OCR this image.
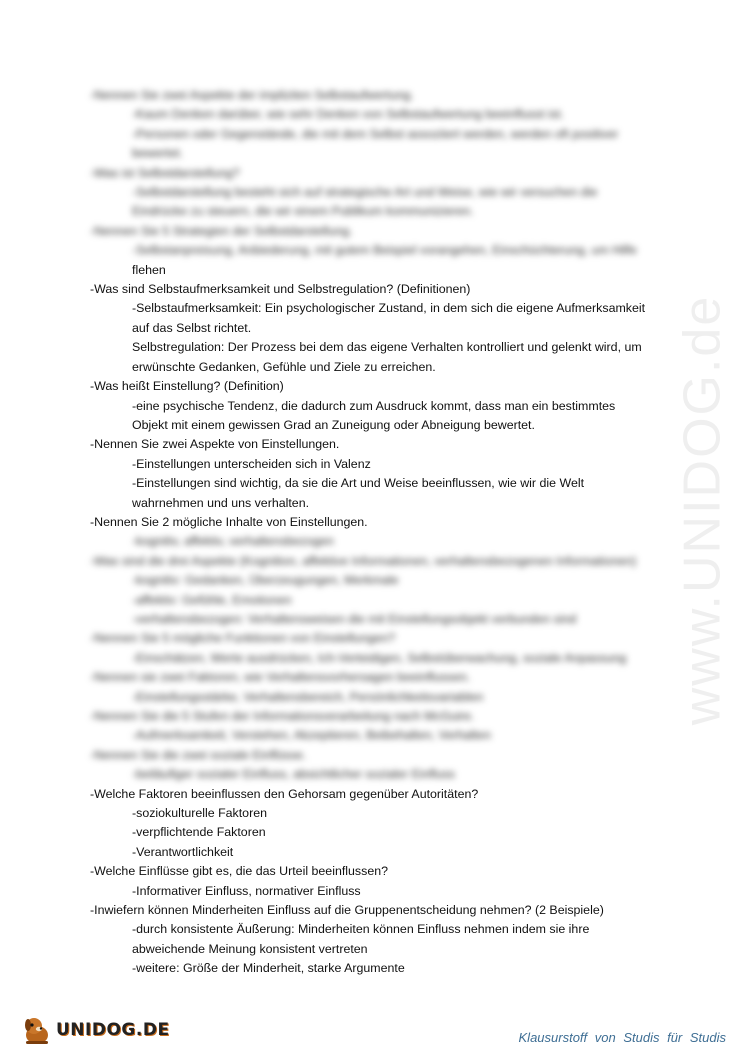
www.UNIDOG.de
-Nennen Sie zwei Aspekte der impliziten Selbstaufwertung.
-Kaum Denken darüber, wie sehr Denken von Selbstaufwertung beeinflusst ist.
-Personen oder Gegenstände, die mit dem Selbst assoziiert werden, werden oft positiver
bewertet.
-Was ist Selbstdarstellung?
-Selbstdarstellung besteht sich auf strategische Art und Weise, wie wir versuchen die
Eindrücke zu steuern, die wir einem Publikum kommunizieren.
-Nennen Sie 5 Strategien der Selbstdarstellung.
-Selbstanpreisung, Anbiederung, mit gutem Beispiel vorangehen, Einschüchterung, um Hilfe
flehen
-Was sind Selbstaufmerksamkeit und Selbstregulation? (Definitionen)
-Selbstaufmerksamkeit: Ein psychologischer Zustand, in dem sich die eigene Aufmerksamkeit
auf das Selbst richtet.
Selbstregulation: Der Prozess bei dem das eigene Verhalten kontrolliert und gelenkt wird, um
erwünschte Gedanken, Gefühle und Ziele zu erreichen.
-Was heißt Einstellung? (Definition)
-eine psychische Tendenz, die dadurch zum Ausdruck kommt, dass man ein bestimmtes
Objekt mit einem gewissen Grad an Zuneigung oder Abneigung bewertet.
-Nennen Sie zwei Aspekte von Einstellungen.
-Einstellungen unterscheiden sich in Valenz
-Einstellungen sind wichtig, da sie die Art und Weise beeinflussen, wie wir die Welt
wahrnehmen und uns verhalten.
-Nennen Sie 2 mögliche Inhalte von Einstellungen.
-kognitiv, affektiv, verhaltensbezogen
-Was sind die drei Aspekte (Kognition, affektive Informationen, verhaltensbezogenen Informationen)
-kognitiv: Gedanken, Überzeugungen, Merkmale
-affektiv: Gefühle, Emotionen
-verhaltensbezogen: Verhaltensweisen die mit Einstellungsobjekt verbunden sind
-Nennen Sie 5 mögliche Funktionen von Einstellungen?
-Einschätzen, Werte ausdrücken, Ich-Verteidigen, Selbstüberwachung, soziale Anpassung
-Nennen sie zwei Faktoren, wie Verhaltensvorhersagen beeinflussen.
-Einstellungsstärke, Verhaltensbereich, Persönlichkeitsvariablen
-Nennen Sie die 5 Stufen der Informationsverarbeitung nach McGuire.
-Aufmerksamkeit, Verstehen, Akzeptieren, Beibehalten, Verhalten
-Nennen Sie die zwei soziale Einflüsse.
-beiläufiger sozialer Einfluss, absichtlicher sozialer Einfluss
-Welche Faktoren beeinflussen den Gehorsam gegenüber Autoritäten?
-soziokulturelle Faktoren
-verpflichtende Faktoren
-Verantwortlichkeit
-Welche Einflüsse gibt es, die das Urteil beeinflussen?
-Informativer Einfluss, normativer Einfluss
-Inwiefern können Minderheiten Einfluss auf die Gruppenentscheidung nehmen? (2 Beispiele)
-durch konsistente Äußerung: Minderheiten können Einfluss nehmen indem sie ihre
abweichende Meinung konsistent vertreten
-weitere: Größe der Minderheit, starke Argumente
UNIDOG.DE	Klausurstoff von Studis für Studis
